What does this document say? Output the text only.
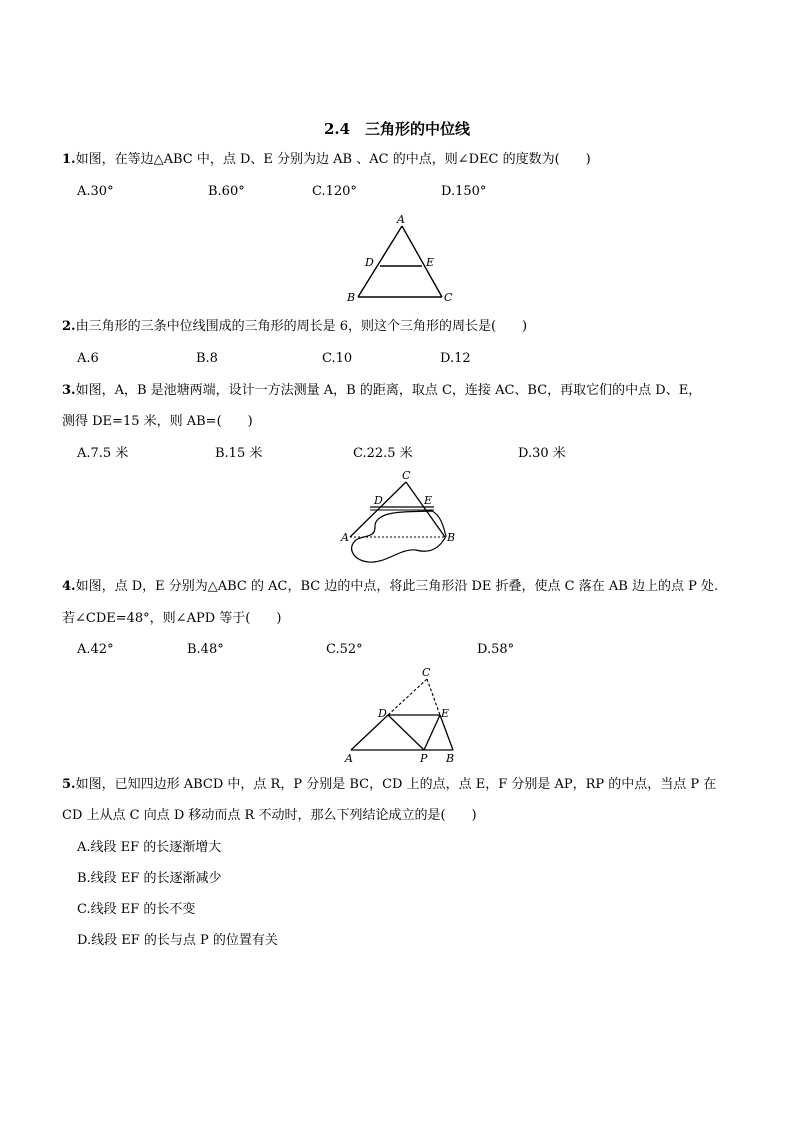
2.4　三角形的中位线
1.如图，在等边△ABC 中，点 D、E 分别为边 AB 、AC 的中点，则∠DEC 的度数为(　　)
A.30°	B.60°	C.120°	D.150°
A
D	E
B	C
2.由三角形的三条中位线围成的三角形的周长是 6，则这个三角形的周长是(　　)
A.6	B.8	C.10	D.12
3.如图，A，B 是池塘两端，设计一方法测量 A，B 的距离，取点 C，连接 AC、BC，再取它们的中点 D、E，
测得 DE=15 米，则 AB=(　　)
A.7.5 米	B.15 米	C.22.5 米	D.30 米
C
D	E
A	B
4.如图，点 D，E 分别为△ABC 的 AC，BC 边的中点，将此三角形沿 DE 折叠，使点 C 落在 AB 边上的点 P 处.
若∠CDE=48°，则∠APD 等于(　　)
A.42°	B.48°	C.52°	D.58°
C
D	E
A	P B
5.如图，已知四边形 ABCD 中，点 R，P 分别是 BC，CD 上的点，点 E，F 分别是 AP，RP 的中点，当点 P 在
CD 上从点 C 向点 D 移动而点 R 不动时，那么下列结论成立的是(　　)
A.线段 EF 的长逐渐增大
B.线段 EF 的长逐渐减少
C.线段 EF 的长不变
D.线段 EF 的长与点 P 的位置有关
